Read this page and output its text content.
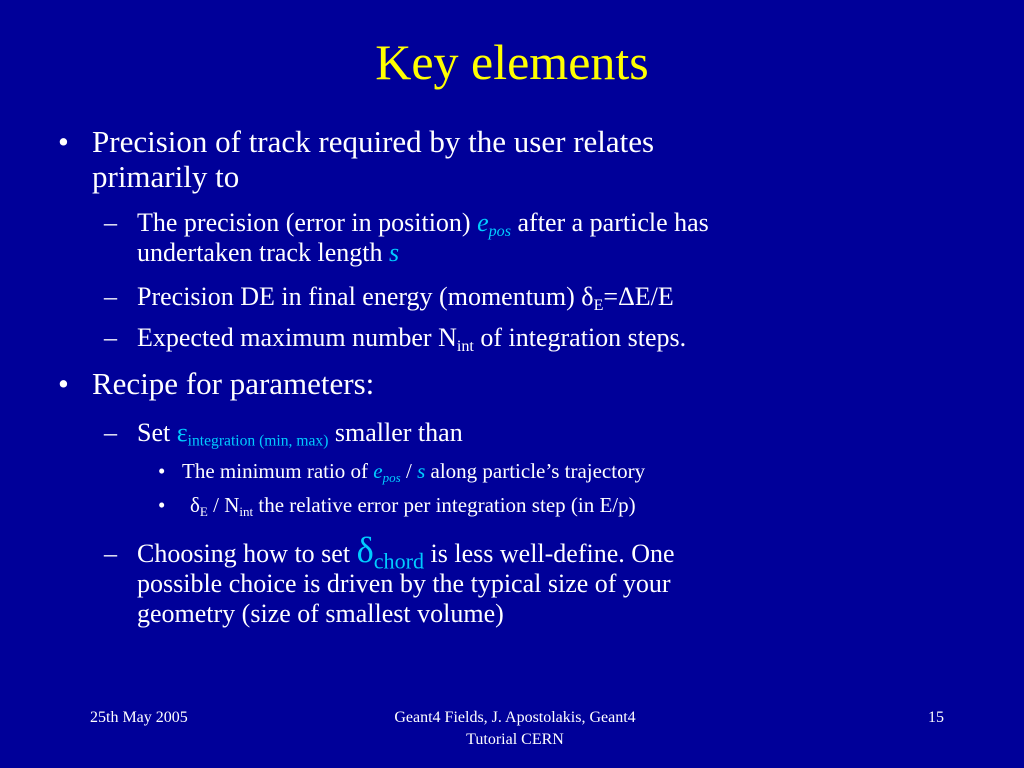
Key elements
• Precision of track required by the user relates
primarily to
– The precision (error in position) $e_{pos}$ after a particle has
undertaken track length s
– Precision DE in final energy (momentum) $\delta_E=\Delta E/E$
– Expected maximum number $N_{int}$ of integration steps.
• Recipe for parameters:
– Set $\varepsilon_{integration (min, max)}$ smaller than
• The minimum ratio of $e_{pos}$ / s along particle’s trajectory
• $\delta_E / N_{int}$ the relative error per integration step (in E/p)
– Choosing how to set $\delta_{chord}$ is less well-define. One
possible choice is driven by the typical size of your
geometry (size of smallest volume)
25th May 2005	Geant4 Fields, J. Apostolakis, Geant4
Tutorial CERN
15
